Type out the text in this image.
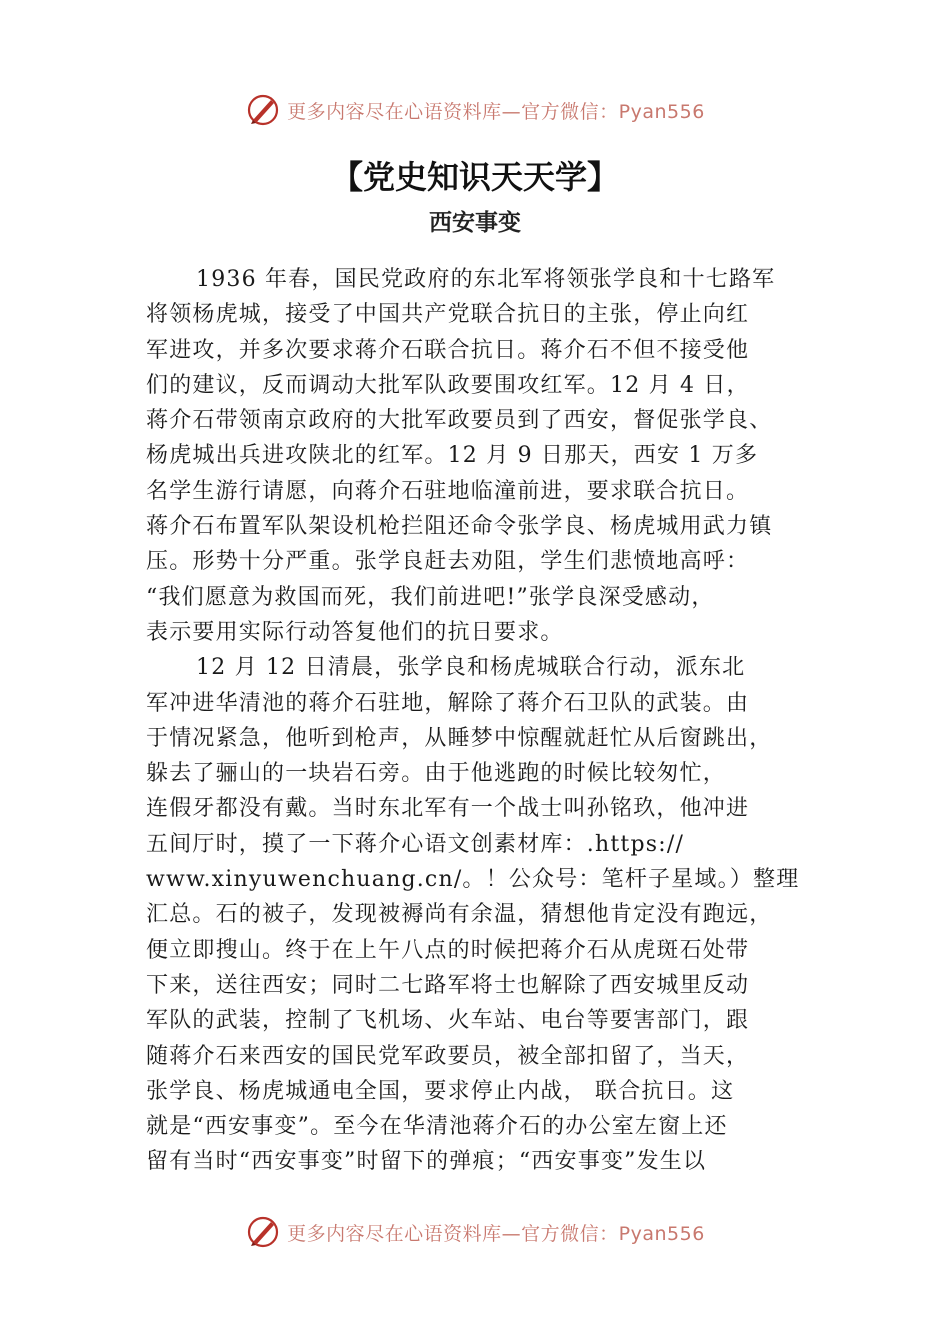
更多内容尽在心语资料库—官方微信：Pyan556
【党史知识天天学】
西安事变
1936 年春，国民党政府的东北军将领张学良和十七路军
将领杨虎城，接受了中国共产党联合抗日的主张，停止向红
军进攻，并多次要求蒋介石联合抗日。蒋介石不但不接受他
们的建议，反而调动大批军队政要围攻红军。12 月 4 日，
蒋介石带领南京政府的大批军政要员到了西安，督促张学良、
杨虎城出兵进攻陕北的红军。12 月 9 日那天，西安 1 万多
名学生游行请愿，向蒋介石驻地临潼前进，要求联合抗日。
蒋介石布置军队架设机枪拦阻还命令张学良、杨虎城用武力镇
压。形势十分严重。张学良赶去劝阻，学生们悲愤地高呼：
“我们愿意为救国而死，我们前进吧!”张学良深受感动，
表示要用实际行动答复他们的抗日要求。
12 月 12 日清晨，张学良和杨虎城联合行动，派东北
军冲进华清池的蒋介石驻地，解除了蒋介石卫队的武装。由
于情况紧急，他听到枪声，从睡梦中惊醒就赶忙从后窗跳出，
躲去了骊山的一块岩石旁。由于他逃跑的时候比较匆忙，
连假牙都没有戴。当时东北军有一个战士叫孙铭玖，他冲进
五间厅时，摸了一下蒋介心语文创素材库：.https://
www.xinyuwenchuang.cn/。！公众号：笔杆子星域。）整理
汇总。石的被子，发现被褥尚有余温，猜想他肯定没有跑远，
便立即搜山。终于在上午八点的时候把蒋介石从虎斑石处带
下来，送往西安；同时二七路军将士也解除了西安城里反动
军队的武装，控制了飞机场、火车站、电台等要害部门，跟
随蒋介石来西安的国民党军政要员，被全部扣留了，当天，
张学良、杨虎城通电全国，要求停止内战， 联合抗日。这
就是“西安事变”。至今在华清池蒋介石的办公室左窗上还
留有当时“西安事变”时留下的弹痕；“西安事变”发生以
更多内容尽在心语资料库—官方微信：Pyan556
